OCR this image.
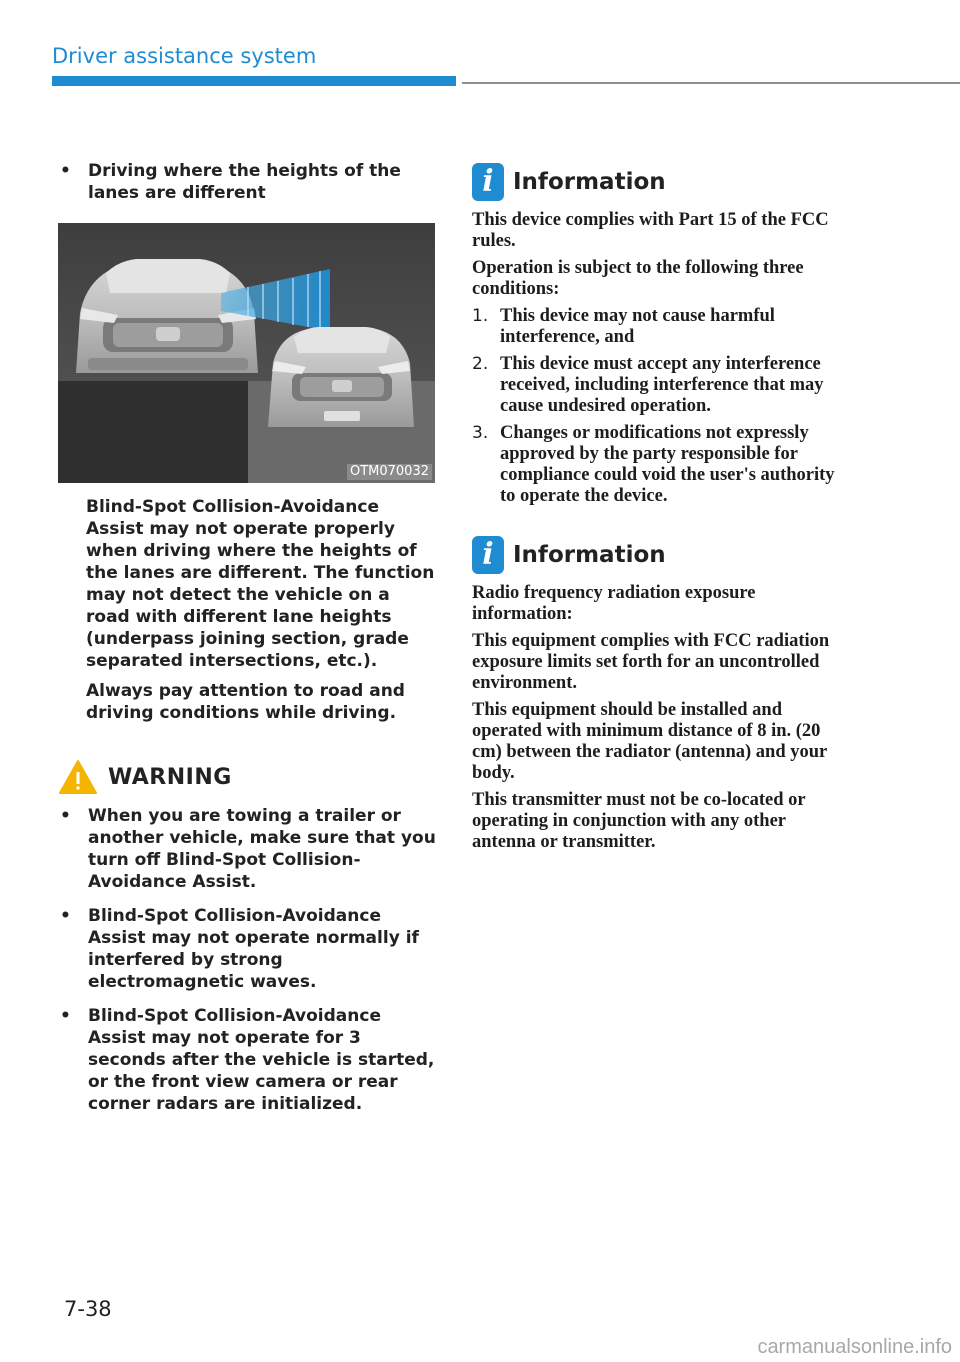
Driver assistance system
•	Driving where the heights of the lanes are different
OTM070032
Blind-Spot Collision-Avoidance Assist may not operate properly when driving where the heights of the lanes are different. The function may not detect the vehicle on a road with different lane heights (underpass joining section, grade separated intersections, etc.).
Always pay attention to road and driving conditions while driving.
WARNING
•	When you are towing a trailer or another vehicle, make sure that you turn off Blind-Spot Collision-Avoidance Assist.
•	Blind-Spot Collision-Avoidance Assist may not operate normally if interfered by strong electromagnetic waves.
•	Blind-Spot Collision-Avoidance Assist may not operate for 3 seconds after the vehicle is started, or the front view camera or rear corner radars are initialized.
i Information
This device complies with Part 15 of the FCC rules.
Operation is subject to the following three conditions:
1. This device may not cause harmful interference, and
2. This device must accept any interference received, including interference that may cause undesired operation.
3. Changes or modifications not expressly approved by the party responsible for compliance could void the user's authority to operate the device.
i Information
Radio frequency radiation exposure information:
This equipment complies with FCC radiation exposure limits set forth for an uncontrolled environment.
This equipment should be installed and operated with minimum distance of 8 in. (20 cm) between the radiator (antenna) and your body.
This transmitter must not be co-located or operating in conjunction with any other antenna or transmitter.
7-38
carmanualsonline.info
